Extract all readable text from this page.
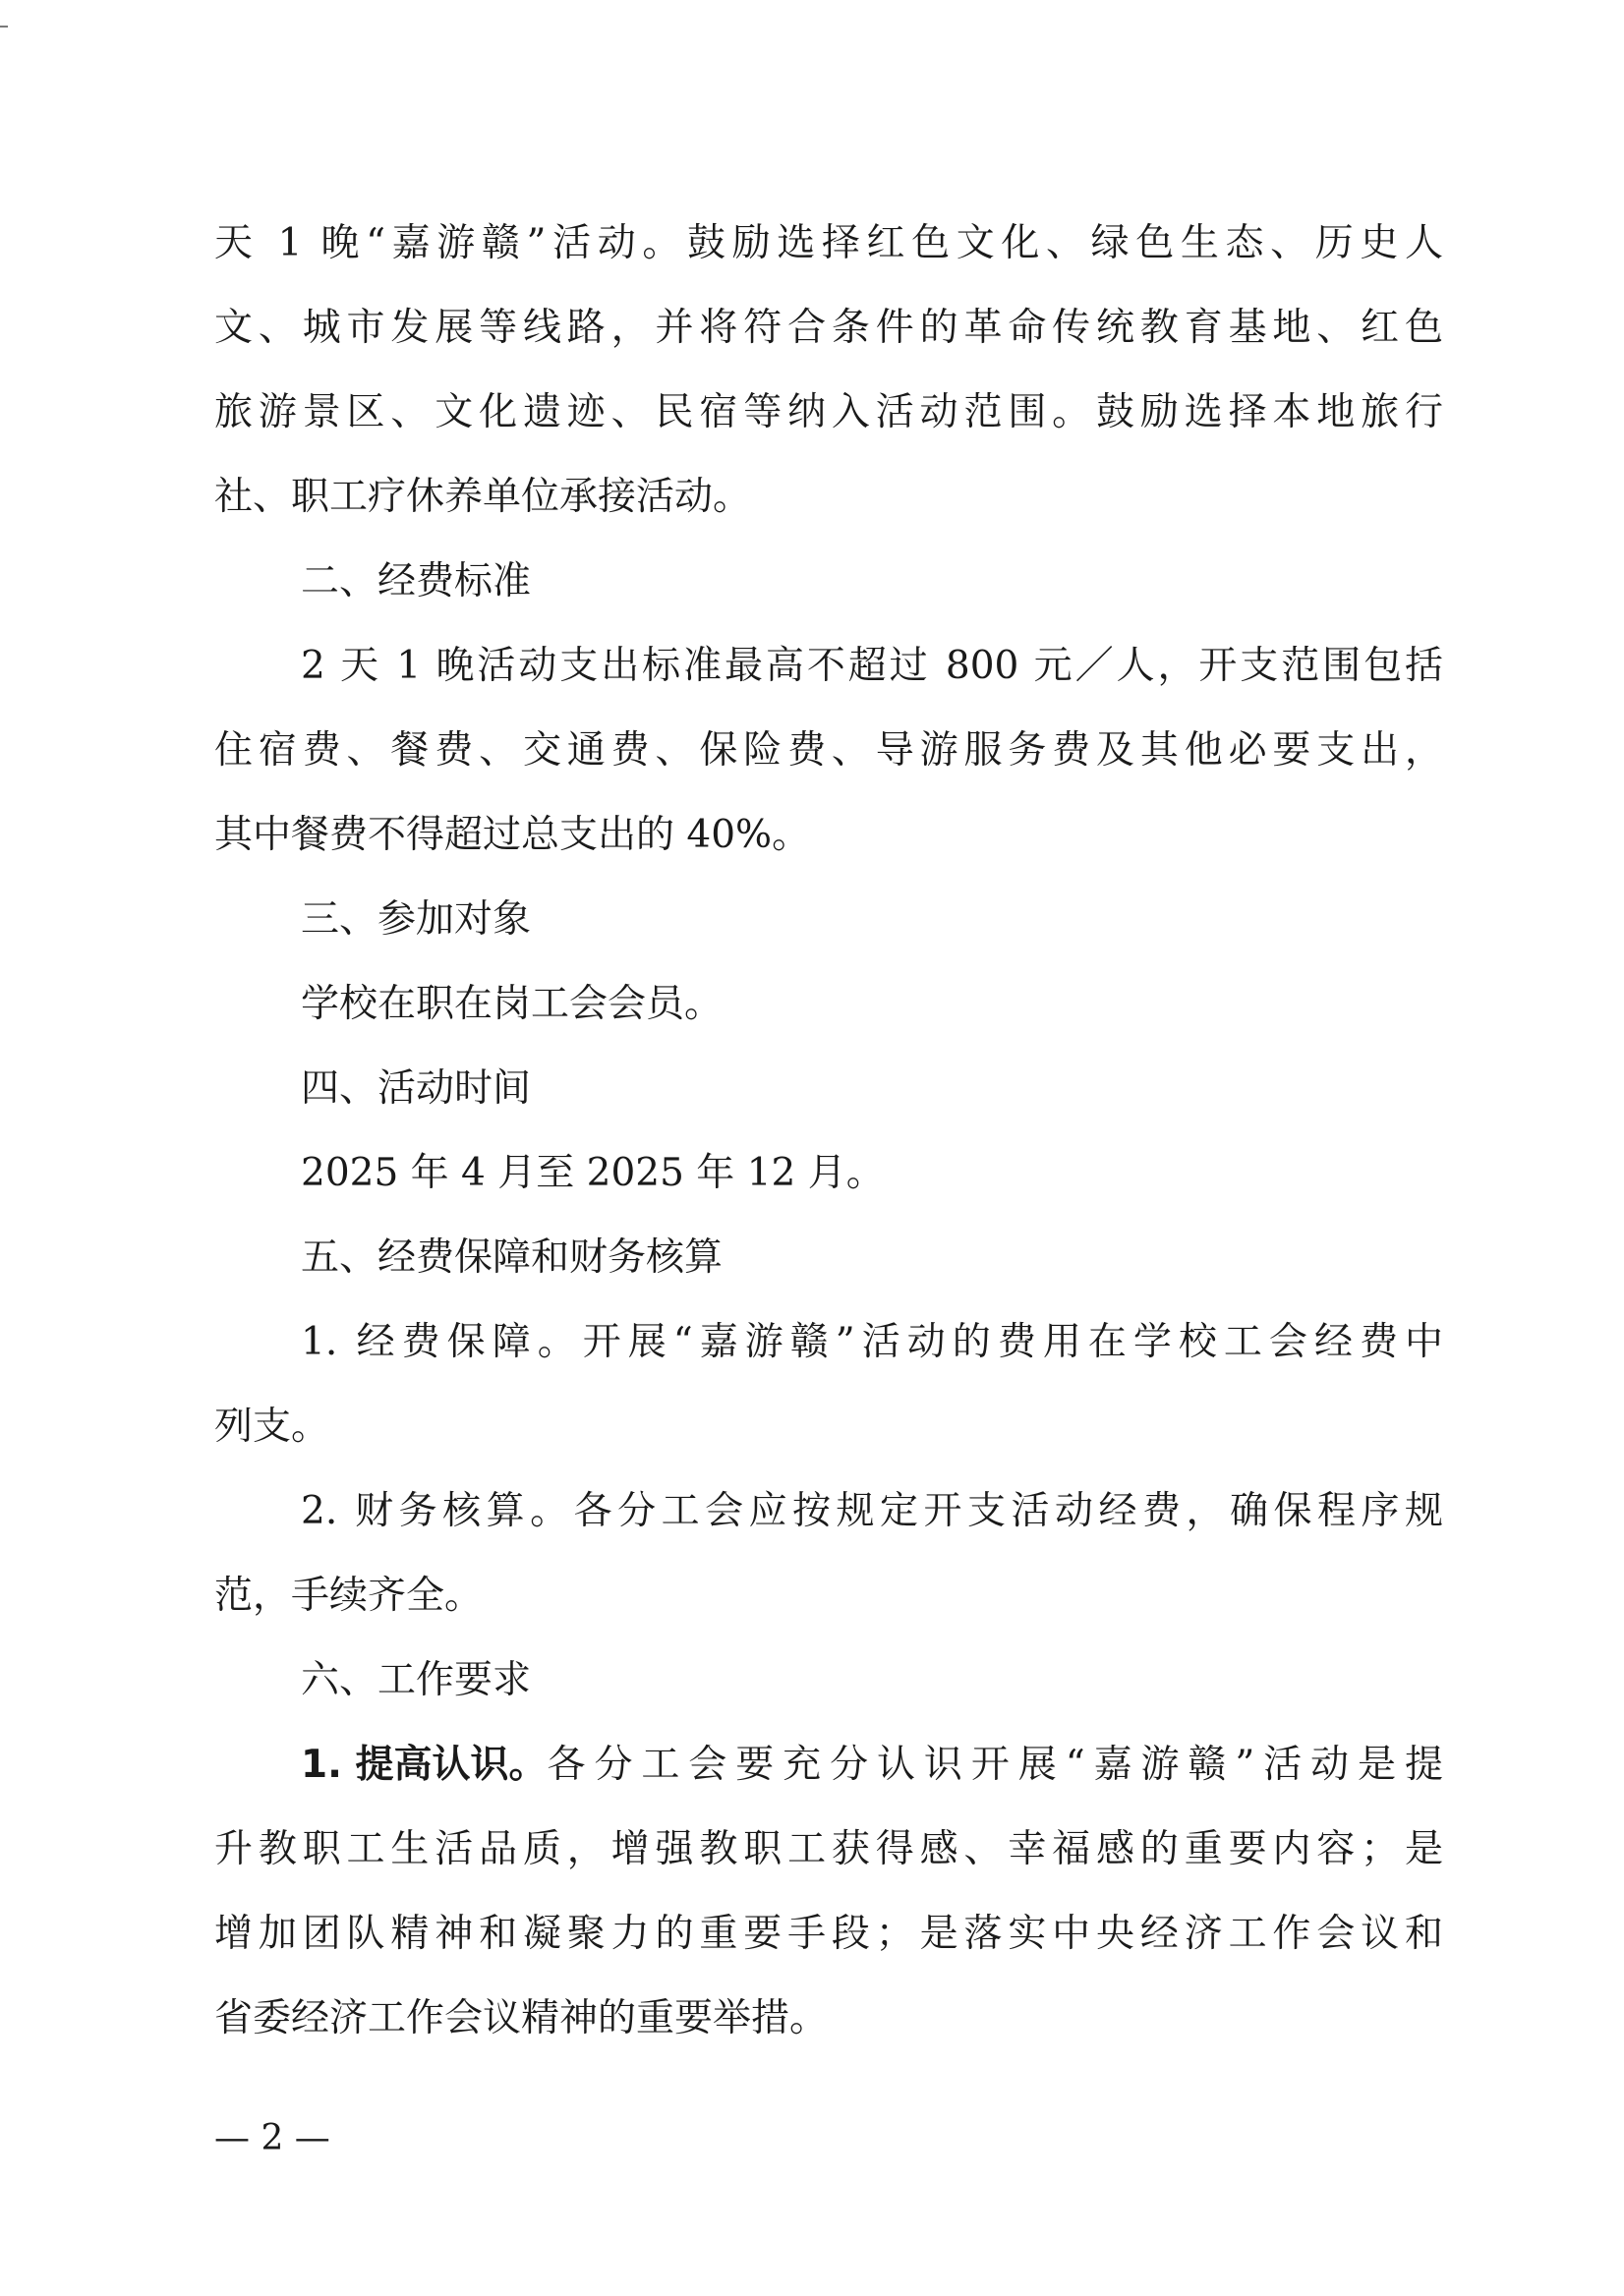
天 1 晚“嘉游赣”活动。鼓励选择红色文化、绿色生态、历史人
文、城市发展等线路，并将符合条件的革命传统教育基地、红色
旅游景区、文化遗迹、民宿等纳入活动范围。鼓励选择本地旅行
社、职工疗休养单位承接活动。
二、经费标准
2 天 1 晚活动支出标准最高不超过 800 元／人，开支范围包括
住宿费、餐费、交通费、保险费、导游服务费及其他必要支出，
其中餐费不得超过总支出的 40%。
三、参加对象
学校在职在岗工会会员。
四、活动时间
2025 年 4 月至 2025 年 12 月。
五、经费保障和财务核算
1. 经费保障。开展“嘉游赣”活动的费用在学校工会经费中
列支。
2. 财务核算。各分工会应按规定开支活动经费，确保程序规
范，手续齐全。
六、工作要求
1. 提高认识。 各分工会要充分认识开展“嘉游赣”活动是提
升教职工生活品质，增强教职工获得感、幸福感的重要内容；是
增加团队精神和凝聚力的重要手段；是落实中央经济工作会议和
省委经济工作会议精神的重要举措。
— 2 —
